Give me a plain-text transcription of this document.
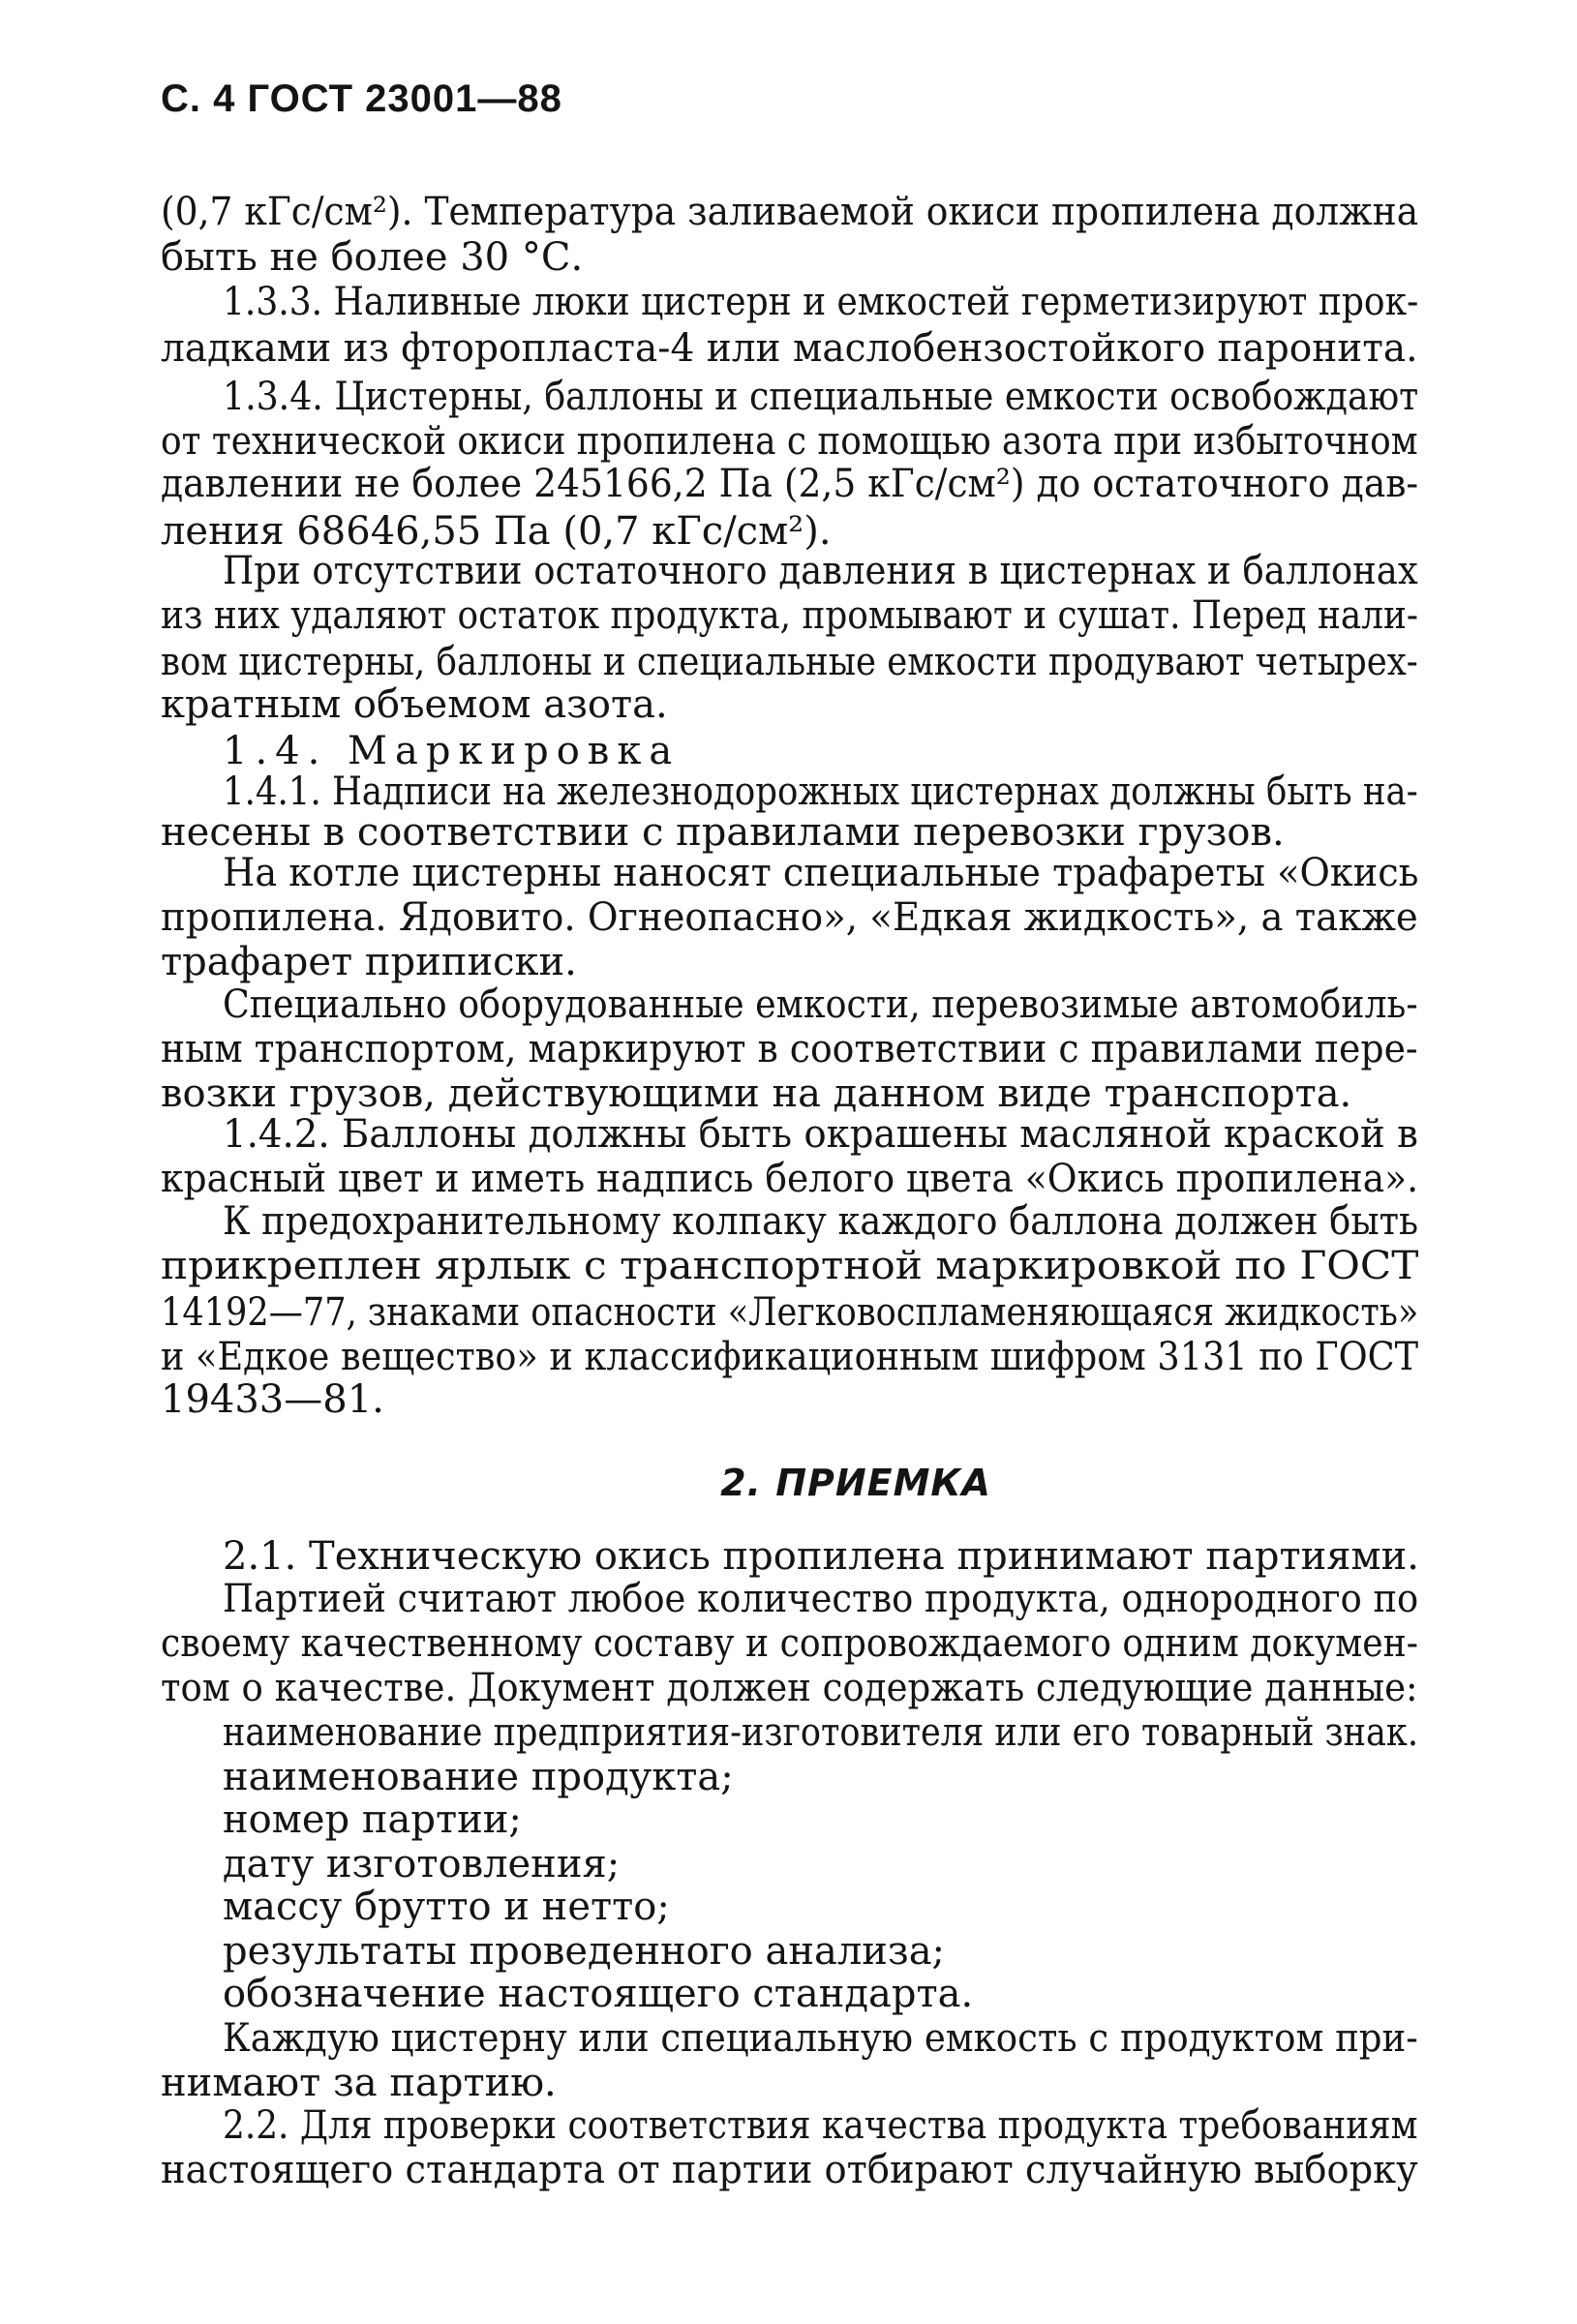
С. 4 ГОСТ 23001—88
(0,7 кГс/см²). Температура заливаемой окиси пропилена должна
быть не более 30 °С.
1.3.3. Наливные люки цистерн и емкостей герметизируют прок-
ладками из фторопласта-4 или маслобензостойкого паронита.
1.3.4. Цистерны, баллоны и специальные емкости освобождают
от технической окиси пропилена с помощью азота при избыточном
давлении не более 245166,2 Па (2,5 кГс/см²) до остаточного дав-
ления 68646,55 Па (0,7 кГс/см²).
При отсутствии остаточного давления в цистернах и баллонах
из них удаляют остаток продукта, промывают и сушат. Перед нали-
вом цистерны, баллоны и специальные емкости продувают четырех-
кратным объемом азота.
1.4. Маркировка
1.4.1. Надписи на железнодорожных цистернах должны быть на-
несены в соответствии с правилами перевозки грузов.
На котле цистерны наносят специальные трафареты «Окись
пропилена. Ядовито. Огнеопасно», «Едкая жидкость», а также
трафарет приписки.
Специально оборудованные емкости, перевозимые автомобиль-
ным транспортом, маркируют в соответствии с правилами пере-
возки грузов, действующими на данном виде транспорта.
1.4.2. Баллоны должны быть окрашены масляной краской в
красный цвет и иметь надпись белого цвета «Окись пропилена».
К предохранительному колпаку каждого баллона должен быть
прикреплен ярлык с транспортной маркировкой по ГОСТ
14192—77, знаками опасности «Легковоспламеняющаяся жидкость»
и «Едкое вещество» и классификационным шифром 3131 по ГОСТ
19433—81.
2. ПРИЕМКА
2.1. Техническую окись пропилена принимают партиями.
Партией считают любое количество продукта, однородного по
своему качественному составу и сопровождаемого одним докумен-
том о качестве. Документ должен содержать следующие данные:
наименование предприятия-изготовителя или его товарный знак.
наименование продукта;
номер партии;
дату изготовления;
массу брутто и нетто;
результаты проведенного анализа;
обозначение настоящего стандарта.
Каждую цистерну или специальную емкость с продуктом при-
нимают за партию.
2.2. Для проверки соответствия качества продукта требованиям
настоящего стандарта от партии отбирают случайную выборку
